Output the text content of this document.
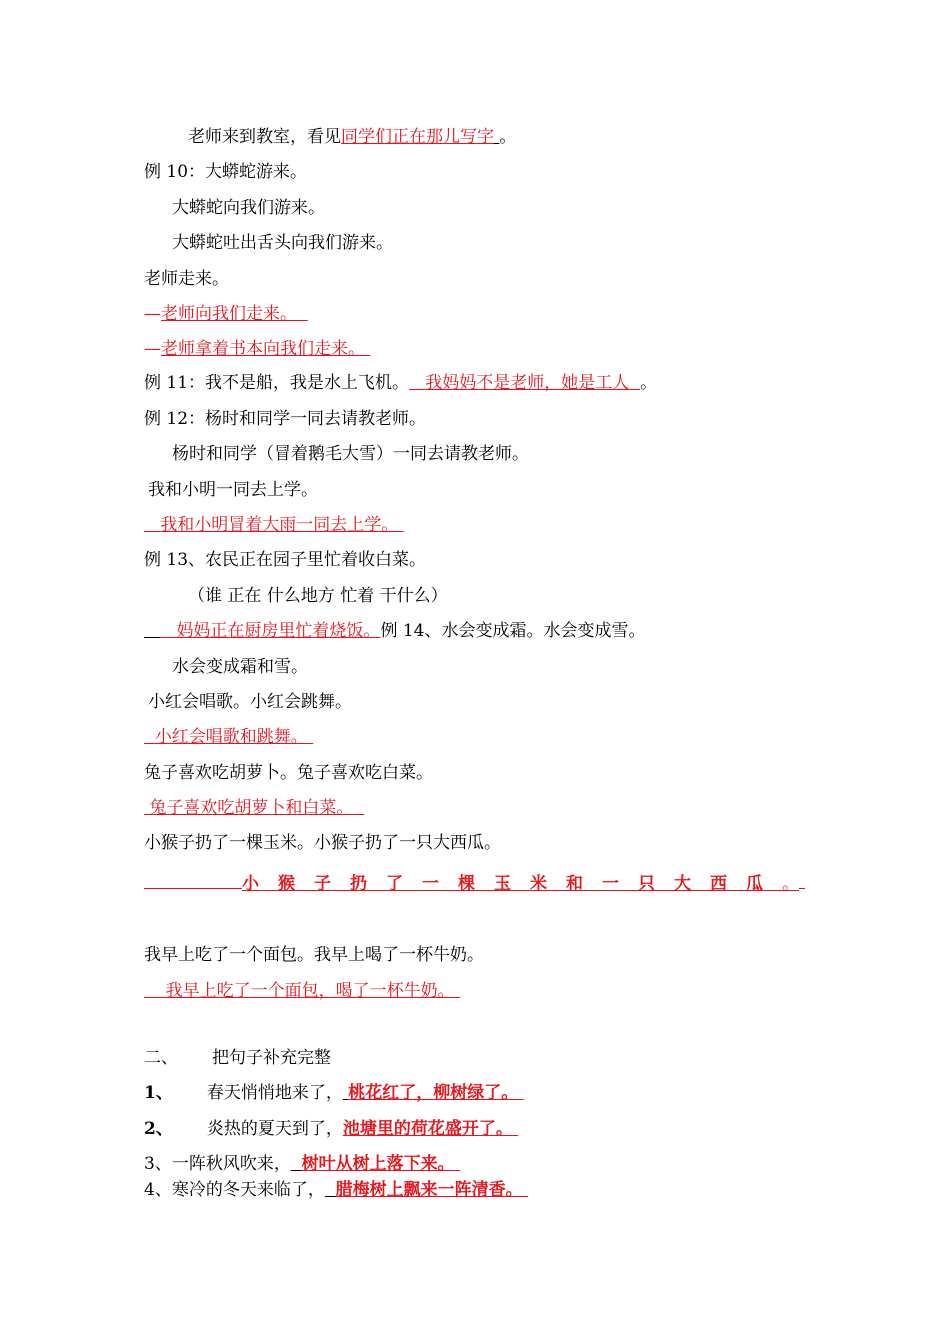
老师来到教室，看见同学们正在那儿写字 。
例 10：大蟒蛇游来。
大蟒蛇向我们游来。
大蟒蛇吐出舌头向我们游来。
老师走来。
—老师向我们走来。
—老师拿着书本向我们走来。
例 11：我不是船，我是水上飞机。 我妈妈不是老师，她是工人 。
例 12：杨时和同学一同去请教老师。
杨时和同学（冒着鹅毛大雪）一同去请教老师。
我和小明一同去上学。
我和小明冒着大雨一同去上学。
例 13、农民正在园子里忙着收白菜。
（谁 正在 什么地方 忙着 干什么）
妈妈正在厨房里忙着烧饭。例 14、水会变成霜。水会变成雪。
水会变成霜和雪。
小红会唱歌。小红会跳舞。
小红会唱歌和跳舞。
兔子喜欢吃胡萝卜。兔子喜欢吃白菜。
兔子喜欢吃胡萝卜和白菜。
小猴子扔了一棵玉米。小猴子扔了一只大西瓜。
小猴子扔了一棵玉米和一只大西瓜。
我早上吃了一个面包。我早上喝了一杯牛奶。
我早上吃了一个面包，喝了一杯牛奶。
二、 把句子补充完整
1、 春天悄悄地来了， 桃花红了，柳树绿了。
2、 炎热的夏天到了，池塘里的荷花盛开了。
3、一阵秋风吹来， 树叶从树上落下来。
4、寒冷的冬天来临了， 腊梅树上飘来一阵清香。
